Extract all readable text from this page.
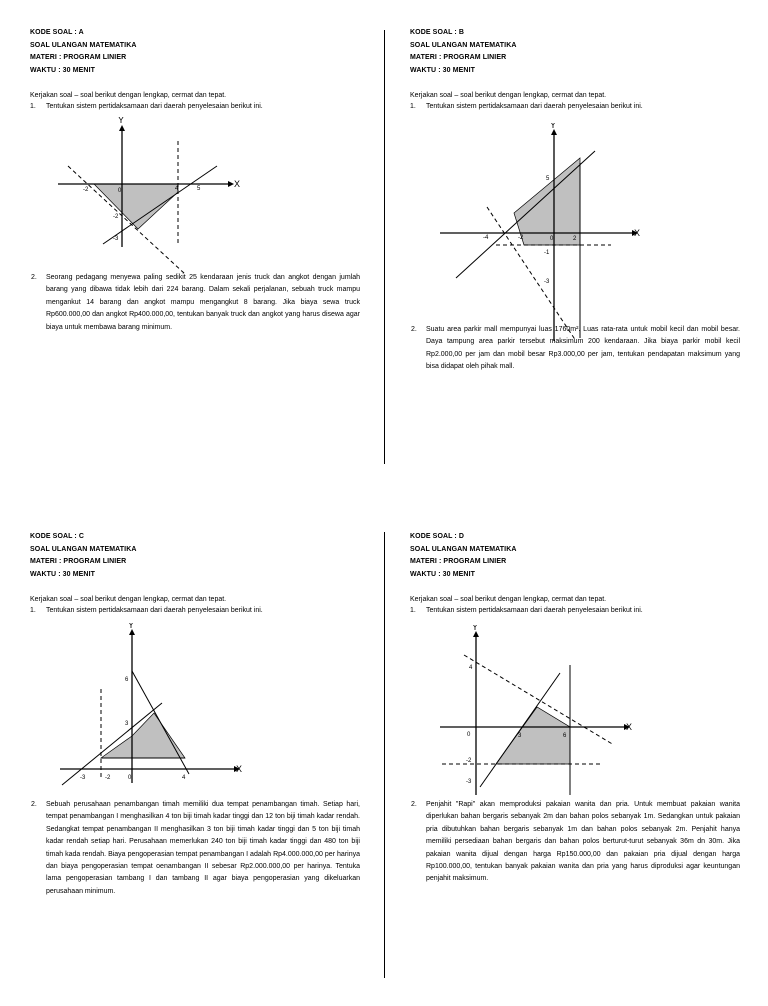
KODE SOAL : A
SOAL ULANGAN MATEMATIKA
MATERI : PROGRAM LINIER
WAKTU : 30 MENIT
Kerjakan soal – soal berikut dengan lengkap, cermat dan tepat.
1. Tentukan sistem pertidaksamaan dari daerah penyelesaian berikut ini.
X
Y
-2	0	4	5
-2
-3
2. Seorang pedagang menyewa paling sedikit 25 kendaraan jenis truck dan angkot dengan jumlah barang yang dibawa tidak lebih dari 224 barang. Dalam sekali perjalanan, sebuah truck mampu mengankut 14 barang dan angkot mampu mengangkut 8 barang. Jika biaya sewa truck Rp600.000,00 dan angkot Rp400.000,00, tentukan banyak truck dan angkot yang harus disewa agar biaya untuk membawa barang minimum.
KODE SOAL : B
SOAL ULANGAN MATEMATIKA
MATERI : PROGRAM LINIER
WAKTU : 30 MENIT
Kerjakan soal – soal berikut dengan lengkap, cermat dan tepat.
1. Tentukan sistem pertidaksamaan dari daerah penyelesaian berikut ini.
X
Y
5
-4	-2	0	2
-1
-3
2. Suatu area parkir mall mempunyai luas 1760m². Luas rata-rata untuk mobil kecil dan mobil besar. Daya tampung area parkir tersebut maksimum 200 kendaraan. Jika biaya parkir mobil kecil Rp2.000,00 per jam dan mobil besar Rp3.000,00 per jam, tentukan pendapatan maksimum yang bisa didapat oleh pihak mall.
KODE SOAL : C
SOAL ULANGAN MATEMATIKA
MATERI : PROGRAM LINIER
WAKTU : 30 MENIT
Kerjakan soal – soal berikut dengan lengkap, cermat dan tepat.
1. Tentukan sistem pertidaksamaan dari daerah penyelesaian berikut ini.
X
Y
6
3
-3	-2	0	4
2. Sebuah perusahaan penambangan timah memiliki dua tempat penambangan timah. Setiap hari, tempat penambangan I menghasilkan 4 ton biji timah kadar tinggi dan 12 ton biji timah kadar rendah. Sedangkat tempat penambangan II menghasilkan 3 ton biji timah kadar tinggi dan 5 ton biji timah kadar rendah setiap hari. Perusahaan memerlukan 240 ton biji timah kadar tinggi dan 480 ton biji timah kada rendah. Biaya pengoperasian tempat penambangan I adalah Rp4.000.000,00 per harinya dan biaya pengoperasian tempat oenambangan II sebesar Rp2.000.000,00 per harinya. Tentuka lama pengoperasian tambang I dan tambang II agar biaya pengoperasian yang dikeluarkan perusahaan minimum.
KODE SOAL : D
SOAL ULANGAN MATEMATIKA
MATERI : PROGRAM LINIER
WAKTU : 30 MENIT
Kerjakan soal – soal berikut dengan lengkap, cermat dan tepat.
1. Tentukan sistem pertidaksamaan dari daerah penyelesaian berikut ini.
X
Y
4
0	3	6
-2
-3
2. Penjahit "Rapi" akan memproduksi pakaian wanita dan pria. Untuk membuat pakaian wanita diperlukan bahan bergaris sebanyak 2m dan bahan polos sebanyak 1m. Sedangkan untuk pakaian pria dibutuhkan bahan bergaris sebanyak 1m dan bahan polos sebanyak 2m. Penjahit hanya memiliki persediaan bahan bergaris dan bahan polos berturut-turut sebanyak 36m dn 30m. Jika pakaian wanita dijual dengan harga Rp150.000,00 dan pakaian pria dijual dengan harga Rp100.000,00, tentukan banyak pakaian wanita dan pria yang harus diproduksi agar keuntungan penjahit maksimum.
